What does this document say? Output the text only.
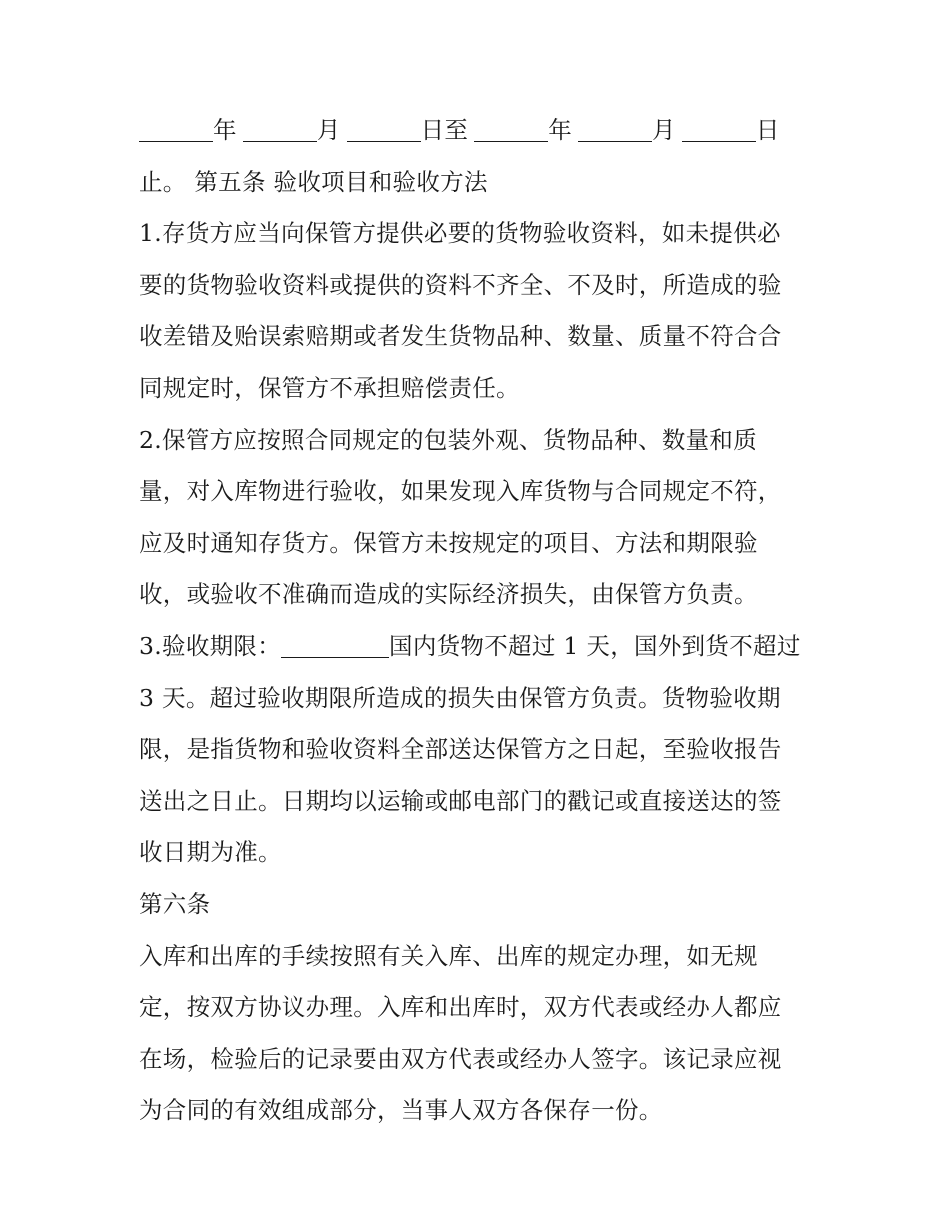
年	月	日至	年	月	日
止。 第五条 验收项目和验收方法
1.存货方应当向保管方提供必要的货物验收资料，如未提供必
要的货物验收资料或提供的资料不齐全、不及时，所造成的验
收差错及贻误索赔期或者发生货物品种、数量、质量不符合合
同规定时，保管方不承担赔偿责任。
2.保管方应按照合同规定的包装外观、货物品种、数量和质
量，对入库物进行验收，如果发现入库货物与合同规定不符，
应及时通知存货方。保管方未按规定的项目、方法和期限验
收，或验收不准确而造成的实际经济损失，由保管方负责。
3.验收期限：	国内货物不超过 1 天，国外到货不超过
3 天。超过验收期限所造成的损失由保管方负责。货物验收期
限，是指货物和验收资料全部送达保管方之日起，至验收报告
送出之日止。日期均以运输或邮电部门的戳记或直接送达的签
收日期为准。
第六条
入库和出库的手续按照有关入库、出库的规定办理，如无规
定，按双方协议办理。入库和出库时，双方代表或经办人都应
在场，检验后的记录要由双方代表或经办人签字。该记录应视
为合同的有效组成部分，当事人双方各保存一份。
